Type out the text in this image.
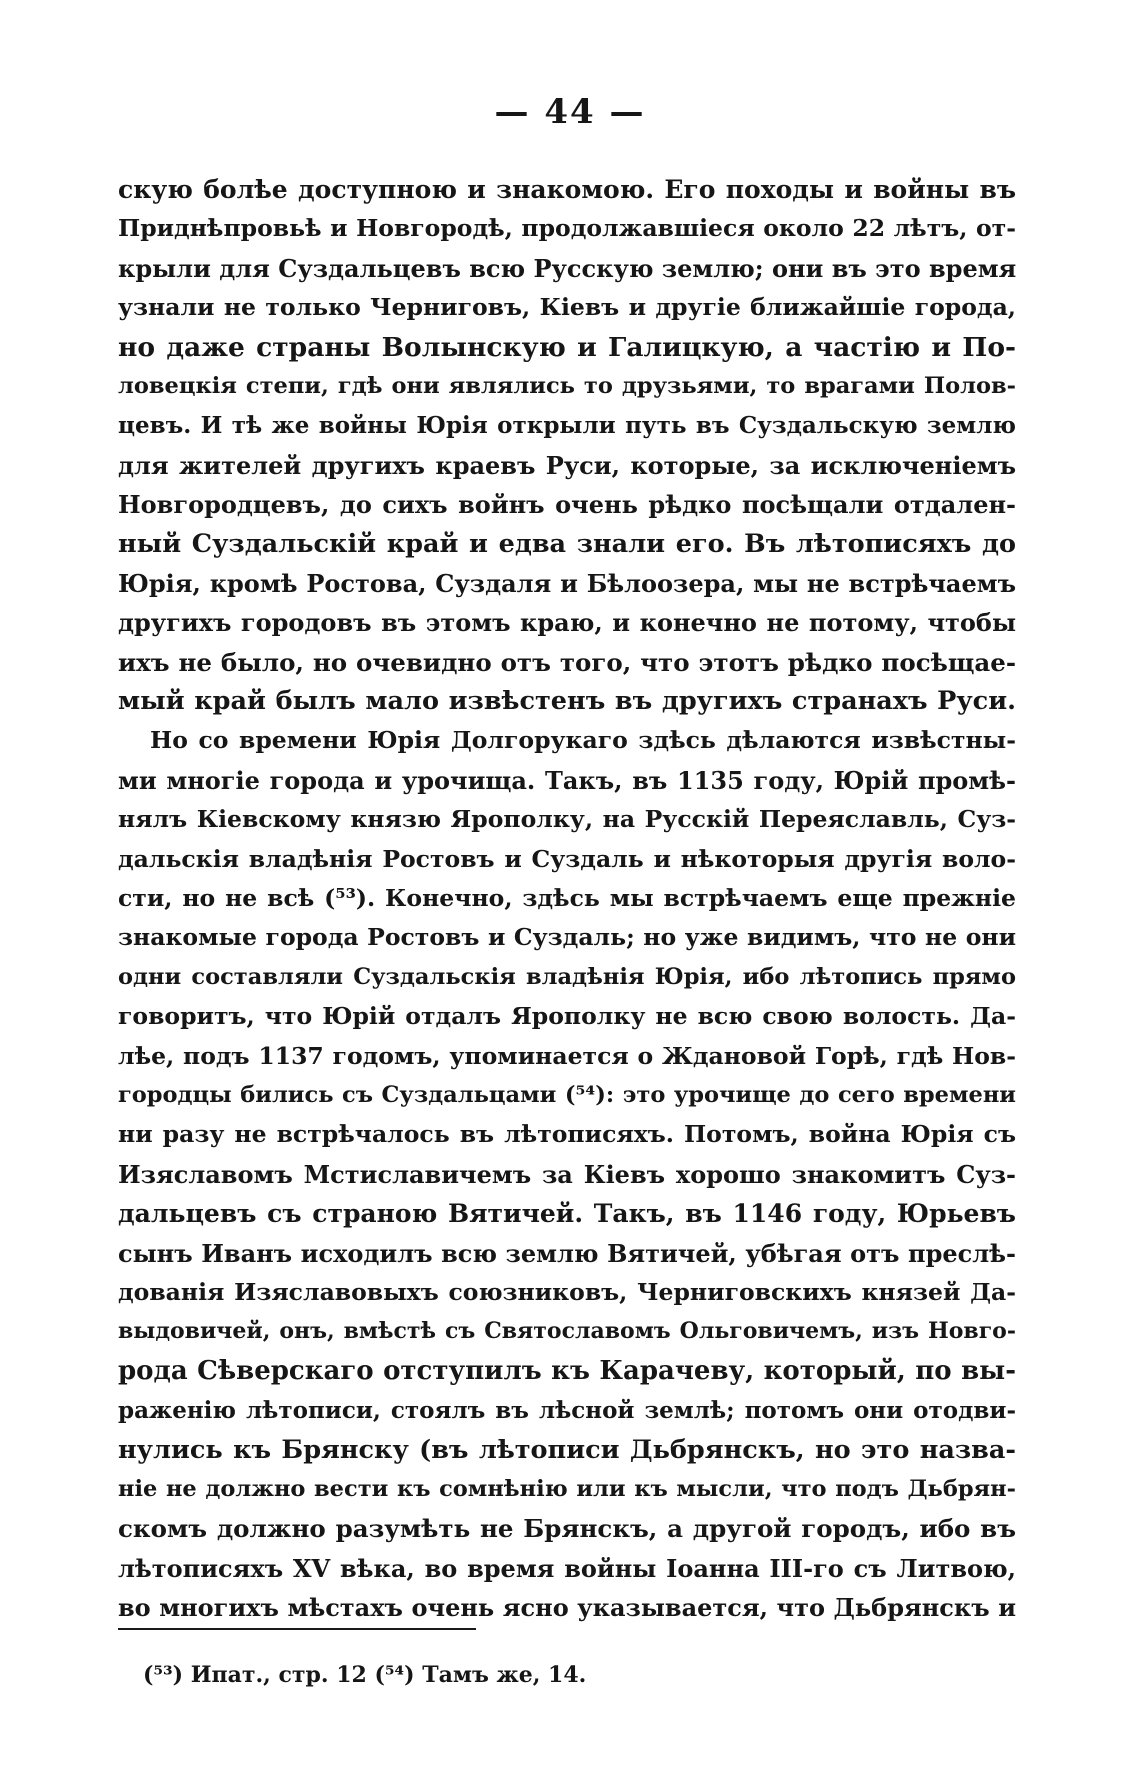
— 44 —
скую болѣе доступною и знакомою. Его походы и войны въ
Приднѣпровьѣ и Новгородѣ, продолжавшіеся около 22 лѣтъ, от-
крыли для Суздальцевъ всю Русскую землю; они въ это время
узнали не только Черниговъ, Кіевъ и другіе ближайшіе города,
но даже страны Волынскую и Галицкую, а частію и По-
ловецкія степи, гдѣ они являлись то друзьями, то врагами Полов-
цевъ. И тѣ же войны Юрія открыли путь въ Суздальскую землю
для жителей другихъ краевъ Руси, которые, за исключеніемъ
Новгородцевъ, до сихъ войнъ очень рѣдко посѣщали отдален-
ный Суздальскій край и едва знали его. Въ лѣтописяхъ до
Юрія, кромѣ Ростова, Суздаля и Бѣлоозера, мы не встрѣчаемъ
другихъ городовъ въ этомъ краю, и конечно не потому, чтобы
ихъ не было, но очевидно отъ того, что этотъ рѣдко посѣщае-
мый край былъ мало извѣстенъ въ другихъ странахъ Руси.
Но со времени Юрія Долгорукаго здѣсь дѣлаются извѣстны-
ми многіе города и урочища. Такъ, въ 1135 году, Юрій промѣ-
нялъ Кіевскому князю Ярополку, на Русскій Переяславль, Суз-
дальскія владѣнія Ростовъ и Суздаль и нѣкоторыя другія воло-
сти, но не всѣ (⁵³). Конечно, здѣсь мы встрѣчаемъ еще прежніе
знакомые города Ростовъ и Суздаль; но уже видимъ, что не они
одни составляли Суздальскія владѣнія Юрія, ибо лѣтопись прямо
говоритъ, что Юрій отдалъ Ярополку не всю свою волость. Да-
лѣе, подъ 1137 годомъ, упоминается о Ждановой Горѣ, гдѣ Нов-
городцы бились съ Суздальцами (⁵⁴): это урочище до сего времени
ни разу не встрѣчалось въ лѣтописяхъ. Потомъ, война Юрія съ
Изяславомъ Мстиславичемъ за Кіевъ хорошо знакомитъ Суз-
дальцевъ съ страною Вятичей. Такъ, въ 1146 году, Юрьевъ
сынъ Иванъ исходилъ всю землю Вятичей, убѣгая отъ преслѣ-
дованія Изяславовыхъ союзниковъ, Черниговскихъ князей Да-
выдовичей, онъ, вмѣстѣ съ Святославомъ Ольговичемъ, изъ Новго-
рода Сѣверскаго отступилъ къ Карачеву, который, по вы-
раженію лѣтописи, стоялъ въ лѣсной землѣ; потомъ они отодви-
нулись къ Брянску (въ лѣтописи Дьбрянскъ, но это назва-
ніе не должно вести къ сомнѣнію или къ мысли, что подъ Дьбрян-
скомъ должно разумѣть не Брянскъ, а другой городъ, ибо въ
лѣтописяхъ XV вѣка, во время войны Іоанна III-го съ Литвою,
во многихъ мѣстахъ очень ясно указывается, что Дьбрянскъ и
(⁵³) Ипат., стр. 12 (⁵⁴) Тамъ же, 14.
